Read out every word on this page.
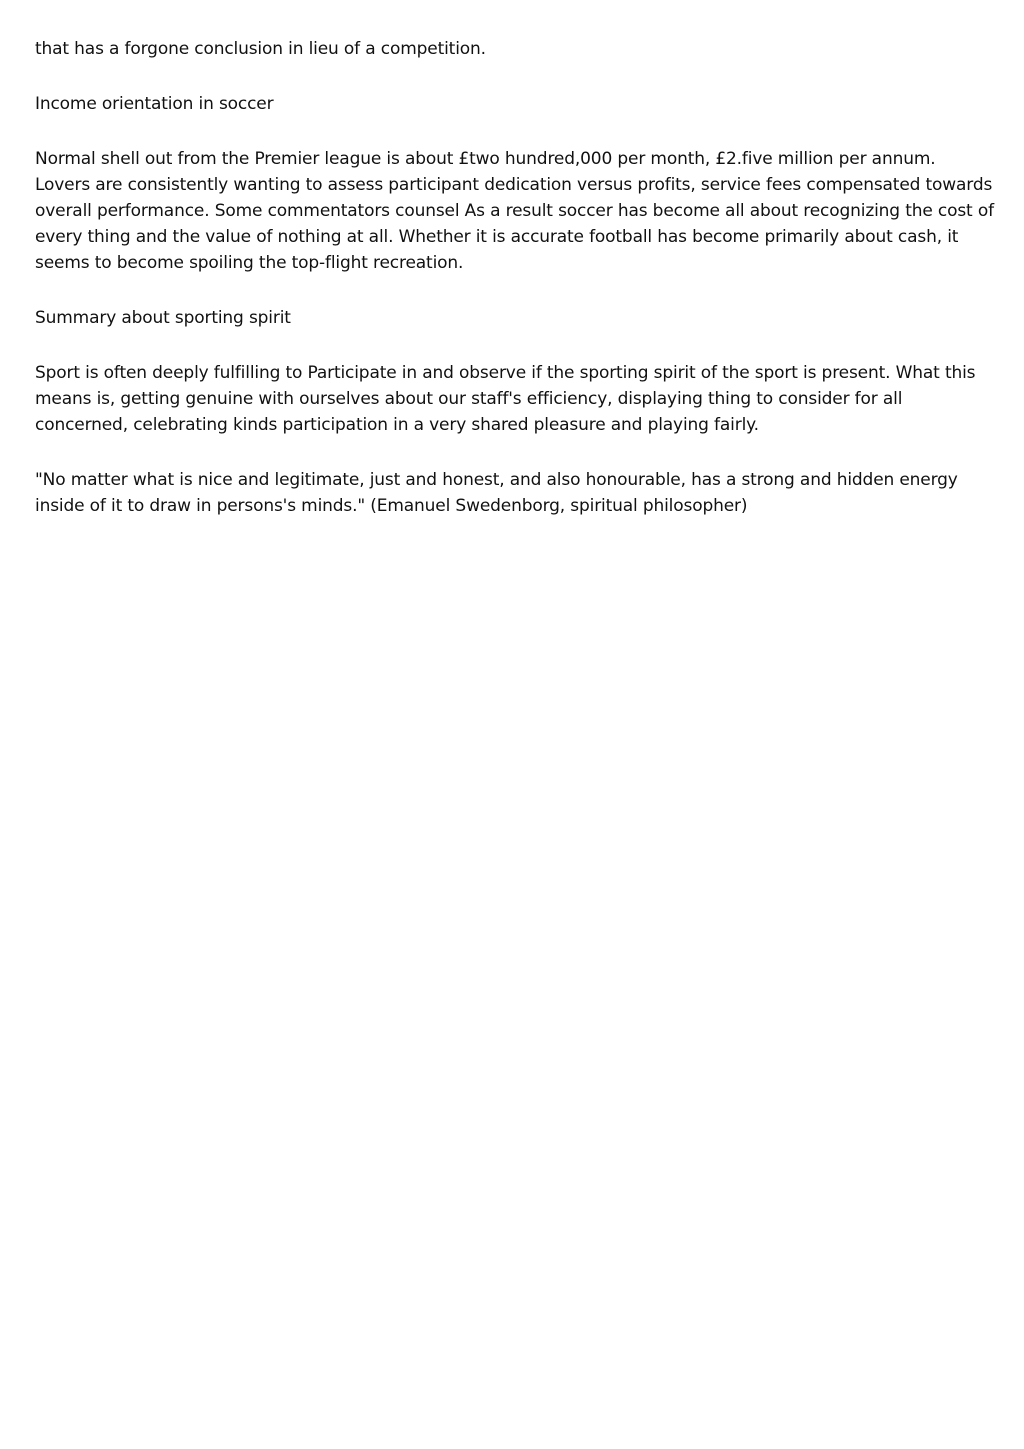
that has a forgone conclusion in lieu of a competition.

Income orientation in soccer

Normal shell out from the Premier league is about £two hundred,000 per month, £2.five million per annum. Lovers are consistently wanting to assess participant dedication versus profits, service fees compensated towards overall performance. Some commentators counsel As a result soccer has become all about recognizing the cost of every thing and the value of nothing at all. Whether it is accurate football has become primarily about cash, it seems to become spoiling the top-flight recreation.

Summary about sporting spirit

Sport is often deeply fulfilling to Participate in and observe if the sporting spirit of the sport is present. What this means is, getting genuine with ourselves about our staff's efficiency, displaying thing to consider for all concerned, celebrating kinds participation in a very shared pleasure and playing fairly.

"No matter what is nice and legitimate, just and honest, and also honourable, has a strong and hidden energy inside of it to draw in persons's minds." (Emanuel Swedenborg, spiritual philosopher)
